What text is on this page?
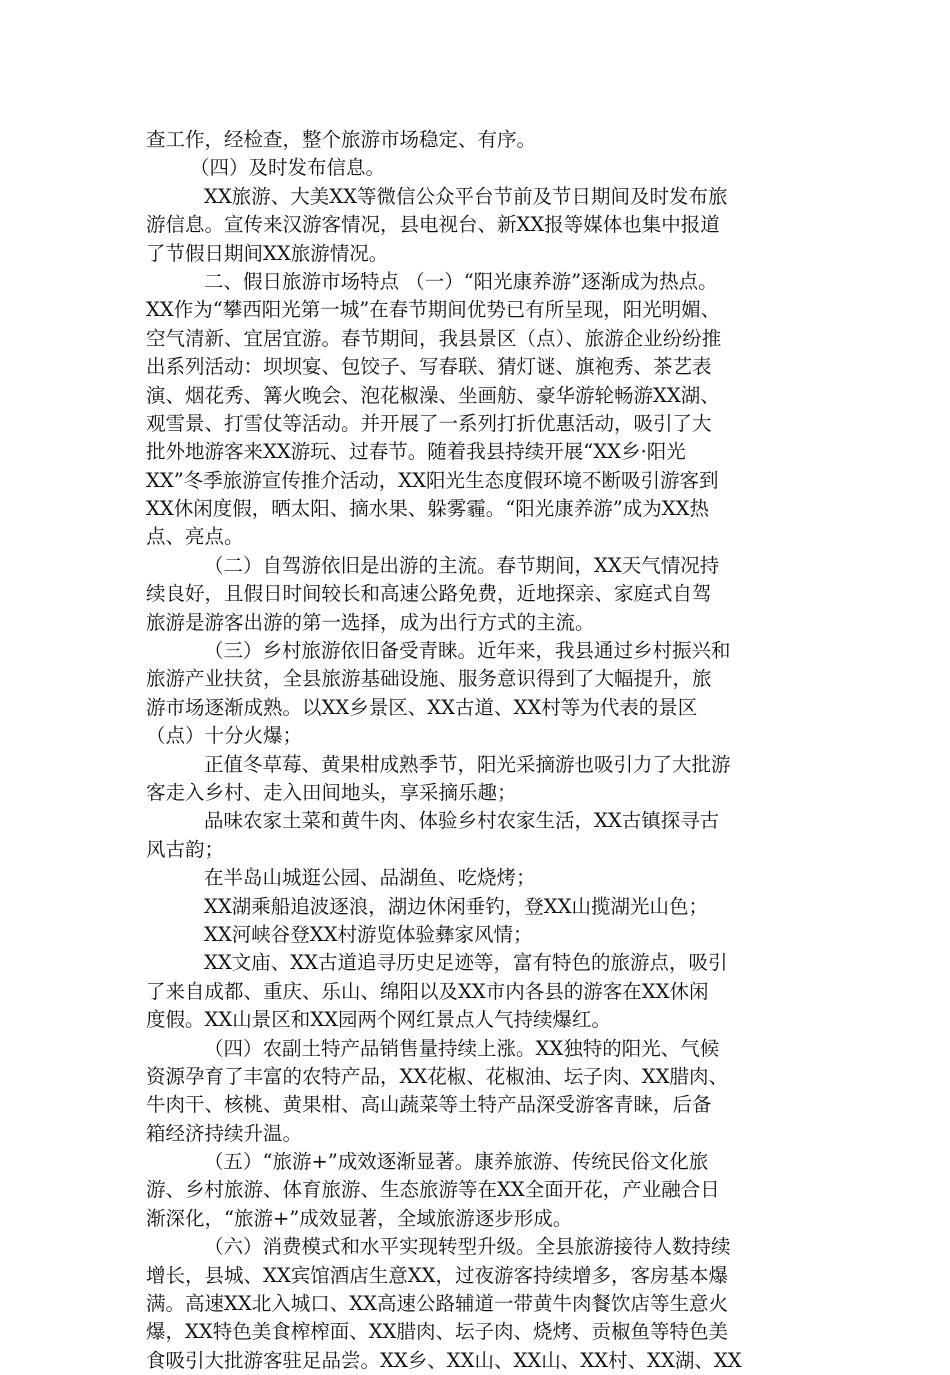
查工作，经检查，整个旅游市场稳定、有序。
（四）及时发布信息。
XX旅游、大美XX等微信公众平台节前及节日期间及时发布旅
游信息。宣传来汉游客情况，县电视台、新XX报等媒体也集中报道
了节假日期间XX旅游情况。
二、假日旅游市场特点 （一）“阳光康养游”逐渐成为热点。
XX作为“攀西阳光第一城”在春节期间优势已有所呈现，阳光明媚、
空气清新、宜居宜游。春节期间，我县景区（点）、旅游企业纷纷推
出系列活动：坝坝宴、包饺子、写春联、猜灯谜、旗袍秀、茶艺表
演、烟花秀、篝火晚会、泡花椒澡、坐画舫、豪华游轮畅游XX湖、
观雪景、打雪仗等活动。并开展了一系列打折优惠活动，吸引了大
批外地游客来XX游玩、过春节。随着我县持续开展“XX乡·阳光
XX”冬季旅游宣传推介活动，XX阳光生态度假环境不断吸引游客到
XX休闲度假，晒太阳、摘水果、躲雾霾。“阳光康养游”成为XX热
点、亮点。
（二）自驾游依旧是出游的主流。春节期间，XX天气情况持
续良好，且假日时间较长和高速公路免费，近地探亲、家庭式自驾
旅游是游客出游的第一选择，成为出行方式的主流。
（三）乡村旅游依旧备受青睐。近年来，我县通过乡村振兴和
旅游产业扶贫，全县旅游基础设施、服务意识得到了大幅提升，旅
游市场逐渐成熟。以XX乡景区、XX古道、XX村等为代表的景区
（点）十分火爆；
正值冬草莓、黄果柑成熟季节，阳光采摘游也吸引力了大批游
客走入乡村、走入田间地头，享采摘乐趣；
品味农家土菜和黄牛肉、体验乡村农家生活，XX古镇探寻古
风古韵；
在半岛山城逛公园、品湖鱼、吃烧烤；
XX湖乘船追波逐浪，湖边休闲垂钓，登XX山揽湖光山色；
XX河峡谷登XX村游览体验彝家风情；
XX文庙、XX古道追寻历史足迹等，富有特色的旅游点，吸引
了来自成都、重庆、乐山、绵阳以及XX市内各县的游客在XX休闲
度假。XX山景区和XX园两个网红景点人气持续爆红。
（四）农副土特产品销售量持续上涨。XX独特的阳光、气候
资源孕育了丰富的农特产品，XX花椒、花椒油、坛子肉、XX腊肉、
牛肉干、核桃、黄果柑、高山蔬菜等土特产品深受游客青睐，后备
箱经济持续升温。
（五）“旅游+”成效逐渐显著。康养旅游、传统民俗文化旅
游、乡村旅游、体育旅游、生态旅游等在XX全面开花，产业融合日
渐深化，“旅游+”成效显著，全域旅游逐步形成。
（六）消费模式和水平实现转型升级。全县旅游接待人数持续
增长，县城、XX宾馆酒店生意XX，过夜游客持续增多，客房基本爆
满。高速XX北入城口、XX高速公路辅道一带黄牛肉餐饮店等生意火
爆，XX特色美食榨榨面、XX腊肉、坛子肉、烧烤、贡椒鱼等特色美
食吸引大批游客驻足品尝。XX乡、XX山、XX山、XX村、XX湖、XX
